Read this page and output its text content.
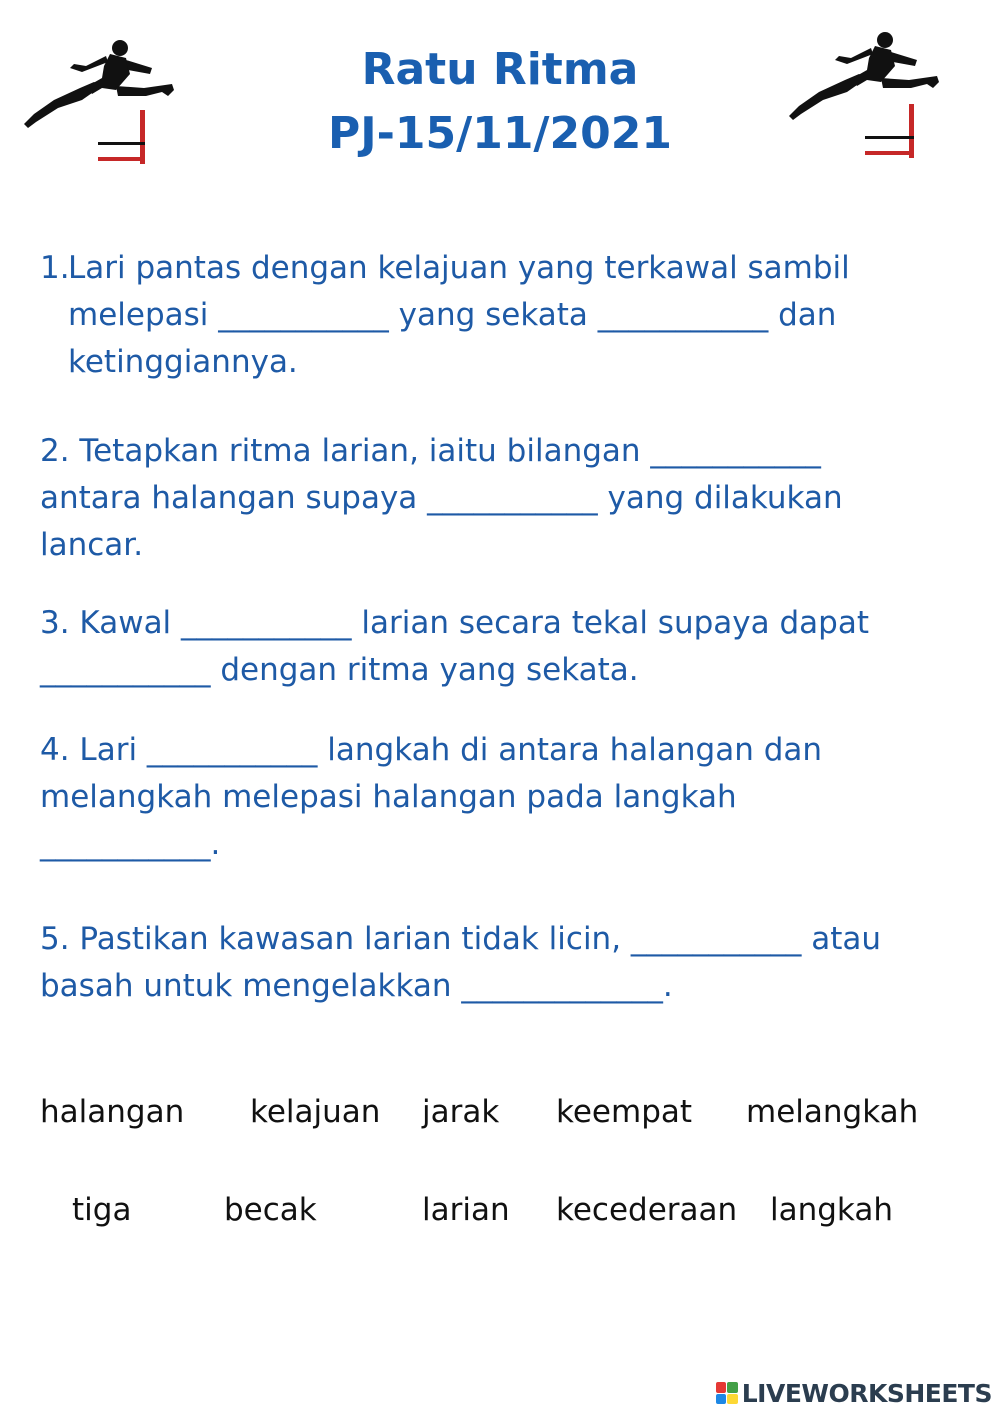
Ratu Ritma
PJ-15/11/2021
1.
Lari pantas dengan kelajuan yang terkawal sambil
melepasi ___________ yang sekata ___________ dan
ketinggiannya.
2. Tetapkan ritma larian, iaitu bilangan ___________
antara halangan supaya ___________ yang dilakukan
lancar.
3. Kawal ___________ larian secara tekal supaya dapat
___________ dengan ritma yang sekata.
4. Lari ___________ langkah di antara halangan dan
melangkah melepasi halangan pada langkah
___________.
5. Pastikan kawasan larian tidak licin, ___________ atau
basah untuk mengelakkan _____________.
halangan kelajuan jarak keempat melangkah
tiga	becak	larian kecederaan langkah
LIVEWORKSHEETS
